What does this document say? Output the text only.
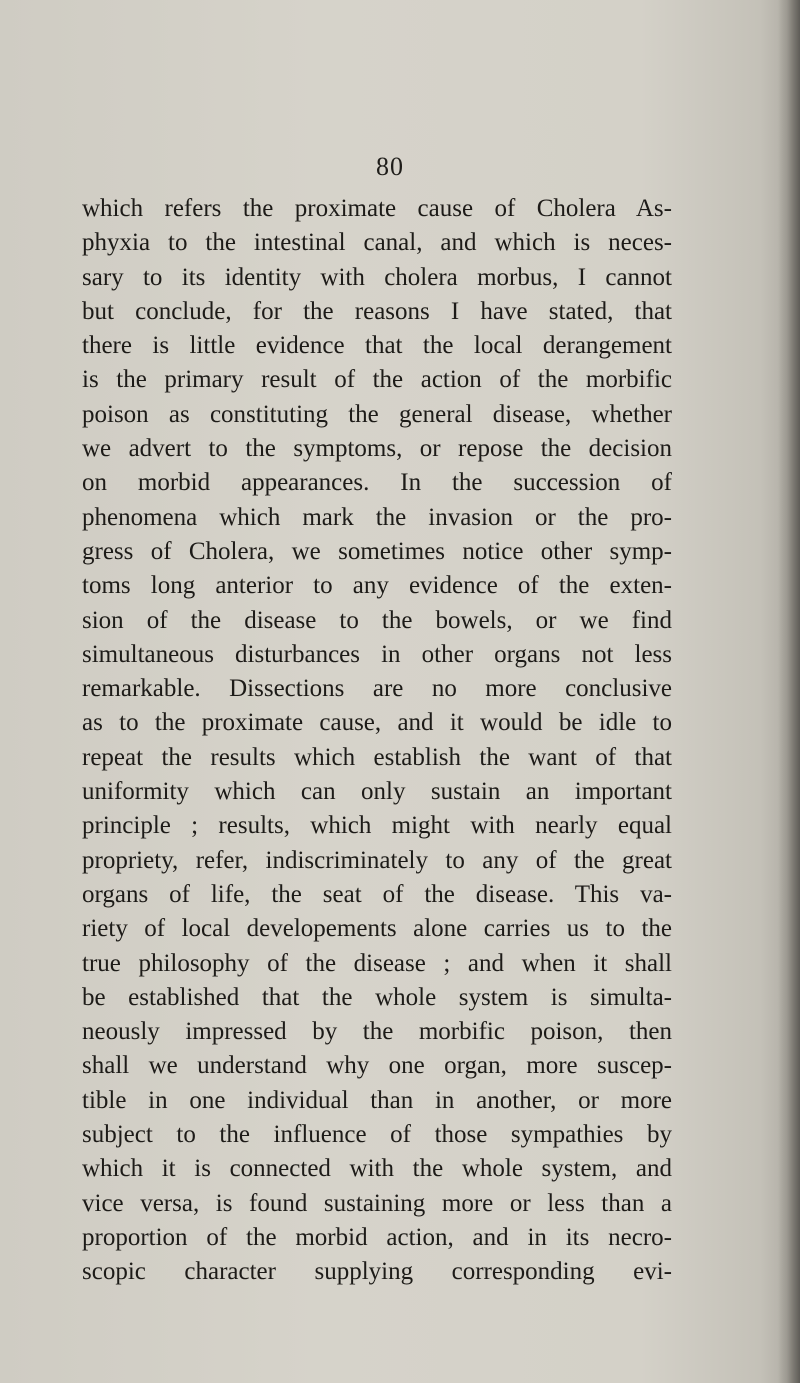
80
which refers the proximate cause of Cholera As-
phyxia to the intestinal canal, and which is neces-
sary to its identity with cholera morbus, I cannot
but conclude, for the reasons I have stated, that
there is little evidence that the local derangement
is the primary result of the action of the morbific
poison as constituting the general disease, whether
we advert to the symptoms, or repose the decision
on morbid appearances. In the succession of
phenomena which mark the invasion or the pro-
gress of Cholera, we sometimes notice other symp-
toms long anterior to any evidence of the exten-
sion of the disease to the bowels, or we find
simultaneous disturbances in other organs not less
remarkable. Dissections are no more conclusive
as to the proximate cause, and it would be idle to
repeat the results which establish the want of that
uniformity which can only sustain an important
principle ; results, which might with nearly equal
propriety, refer, indiscriminately to any of the great
organs of life, the seat of the disease. This va-
riety of local developements alone carries us to the
true philosophy of the disease ; and when it shall
be established that the whole system is simulta-
neously impressed by the morbific poison, then
shall we understand why one organ, more suscep-
tible in one individual than in another, or more
subject to the influence of those sympathies by
which it is connected with the whole system, and
vice versa, is found sustaining more or less than a
proportion of the morbid action, and in its necro-
scopic character supplying corresponding evi-
